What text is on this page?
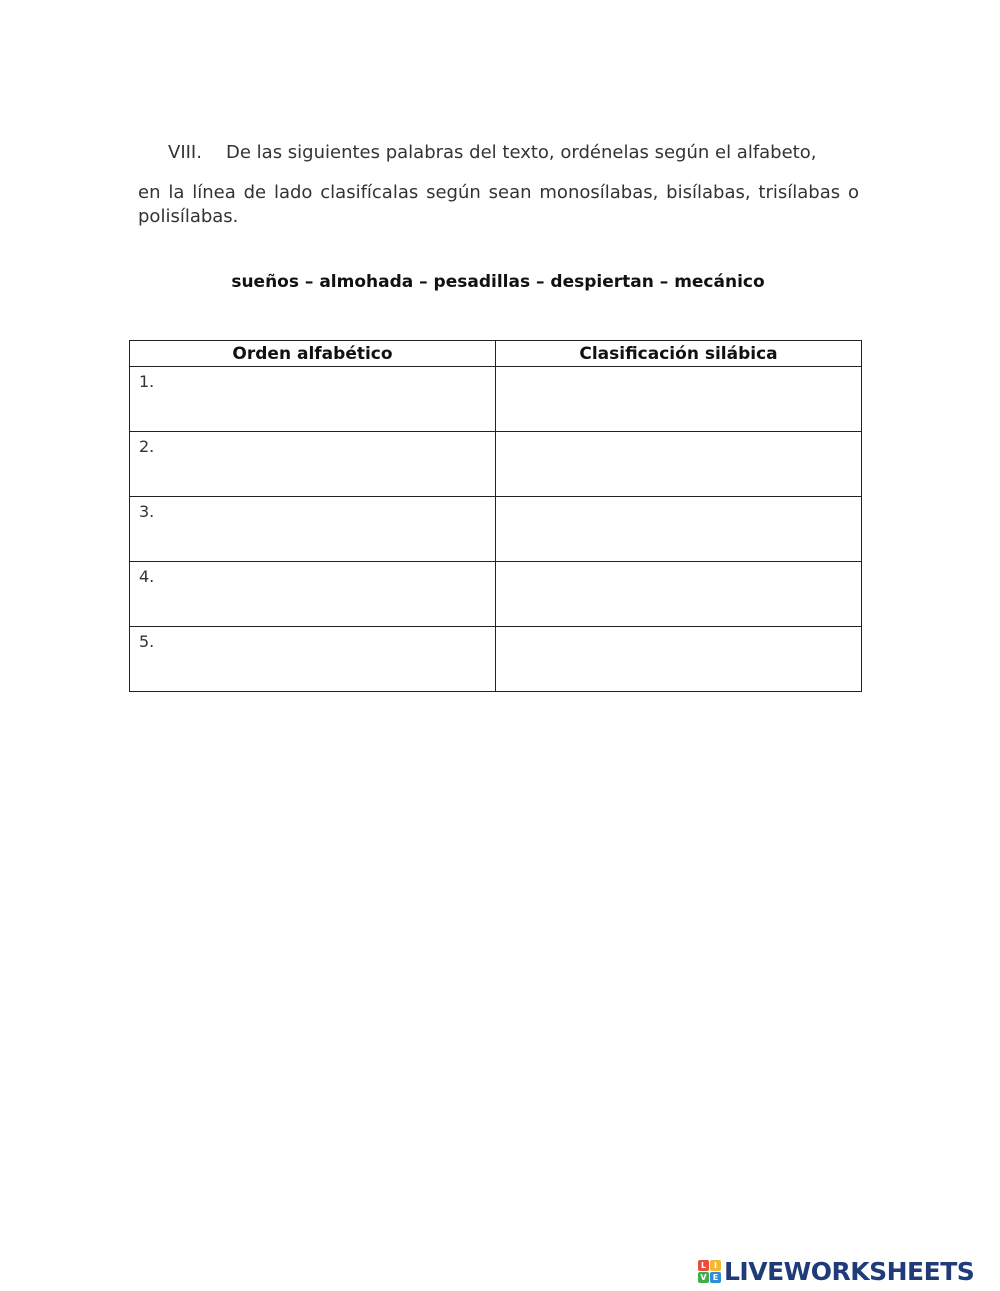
VIII. De las siguientes palabras del texto, ordénelas según el alfabeto,
en la línea de lado clasifícalas según sean monosílabas, bisílabas, trisílabas o polisílabas.
sueños – almohada – pesadillas – despiertan – mecánico
Orden alfabético	Clasificación silábica
1.	

2.	

3.	

4.	

5.	
L I
V E LIVEWORKSHEETS
